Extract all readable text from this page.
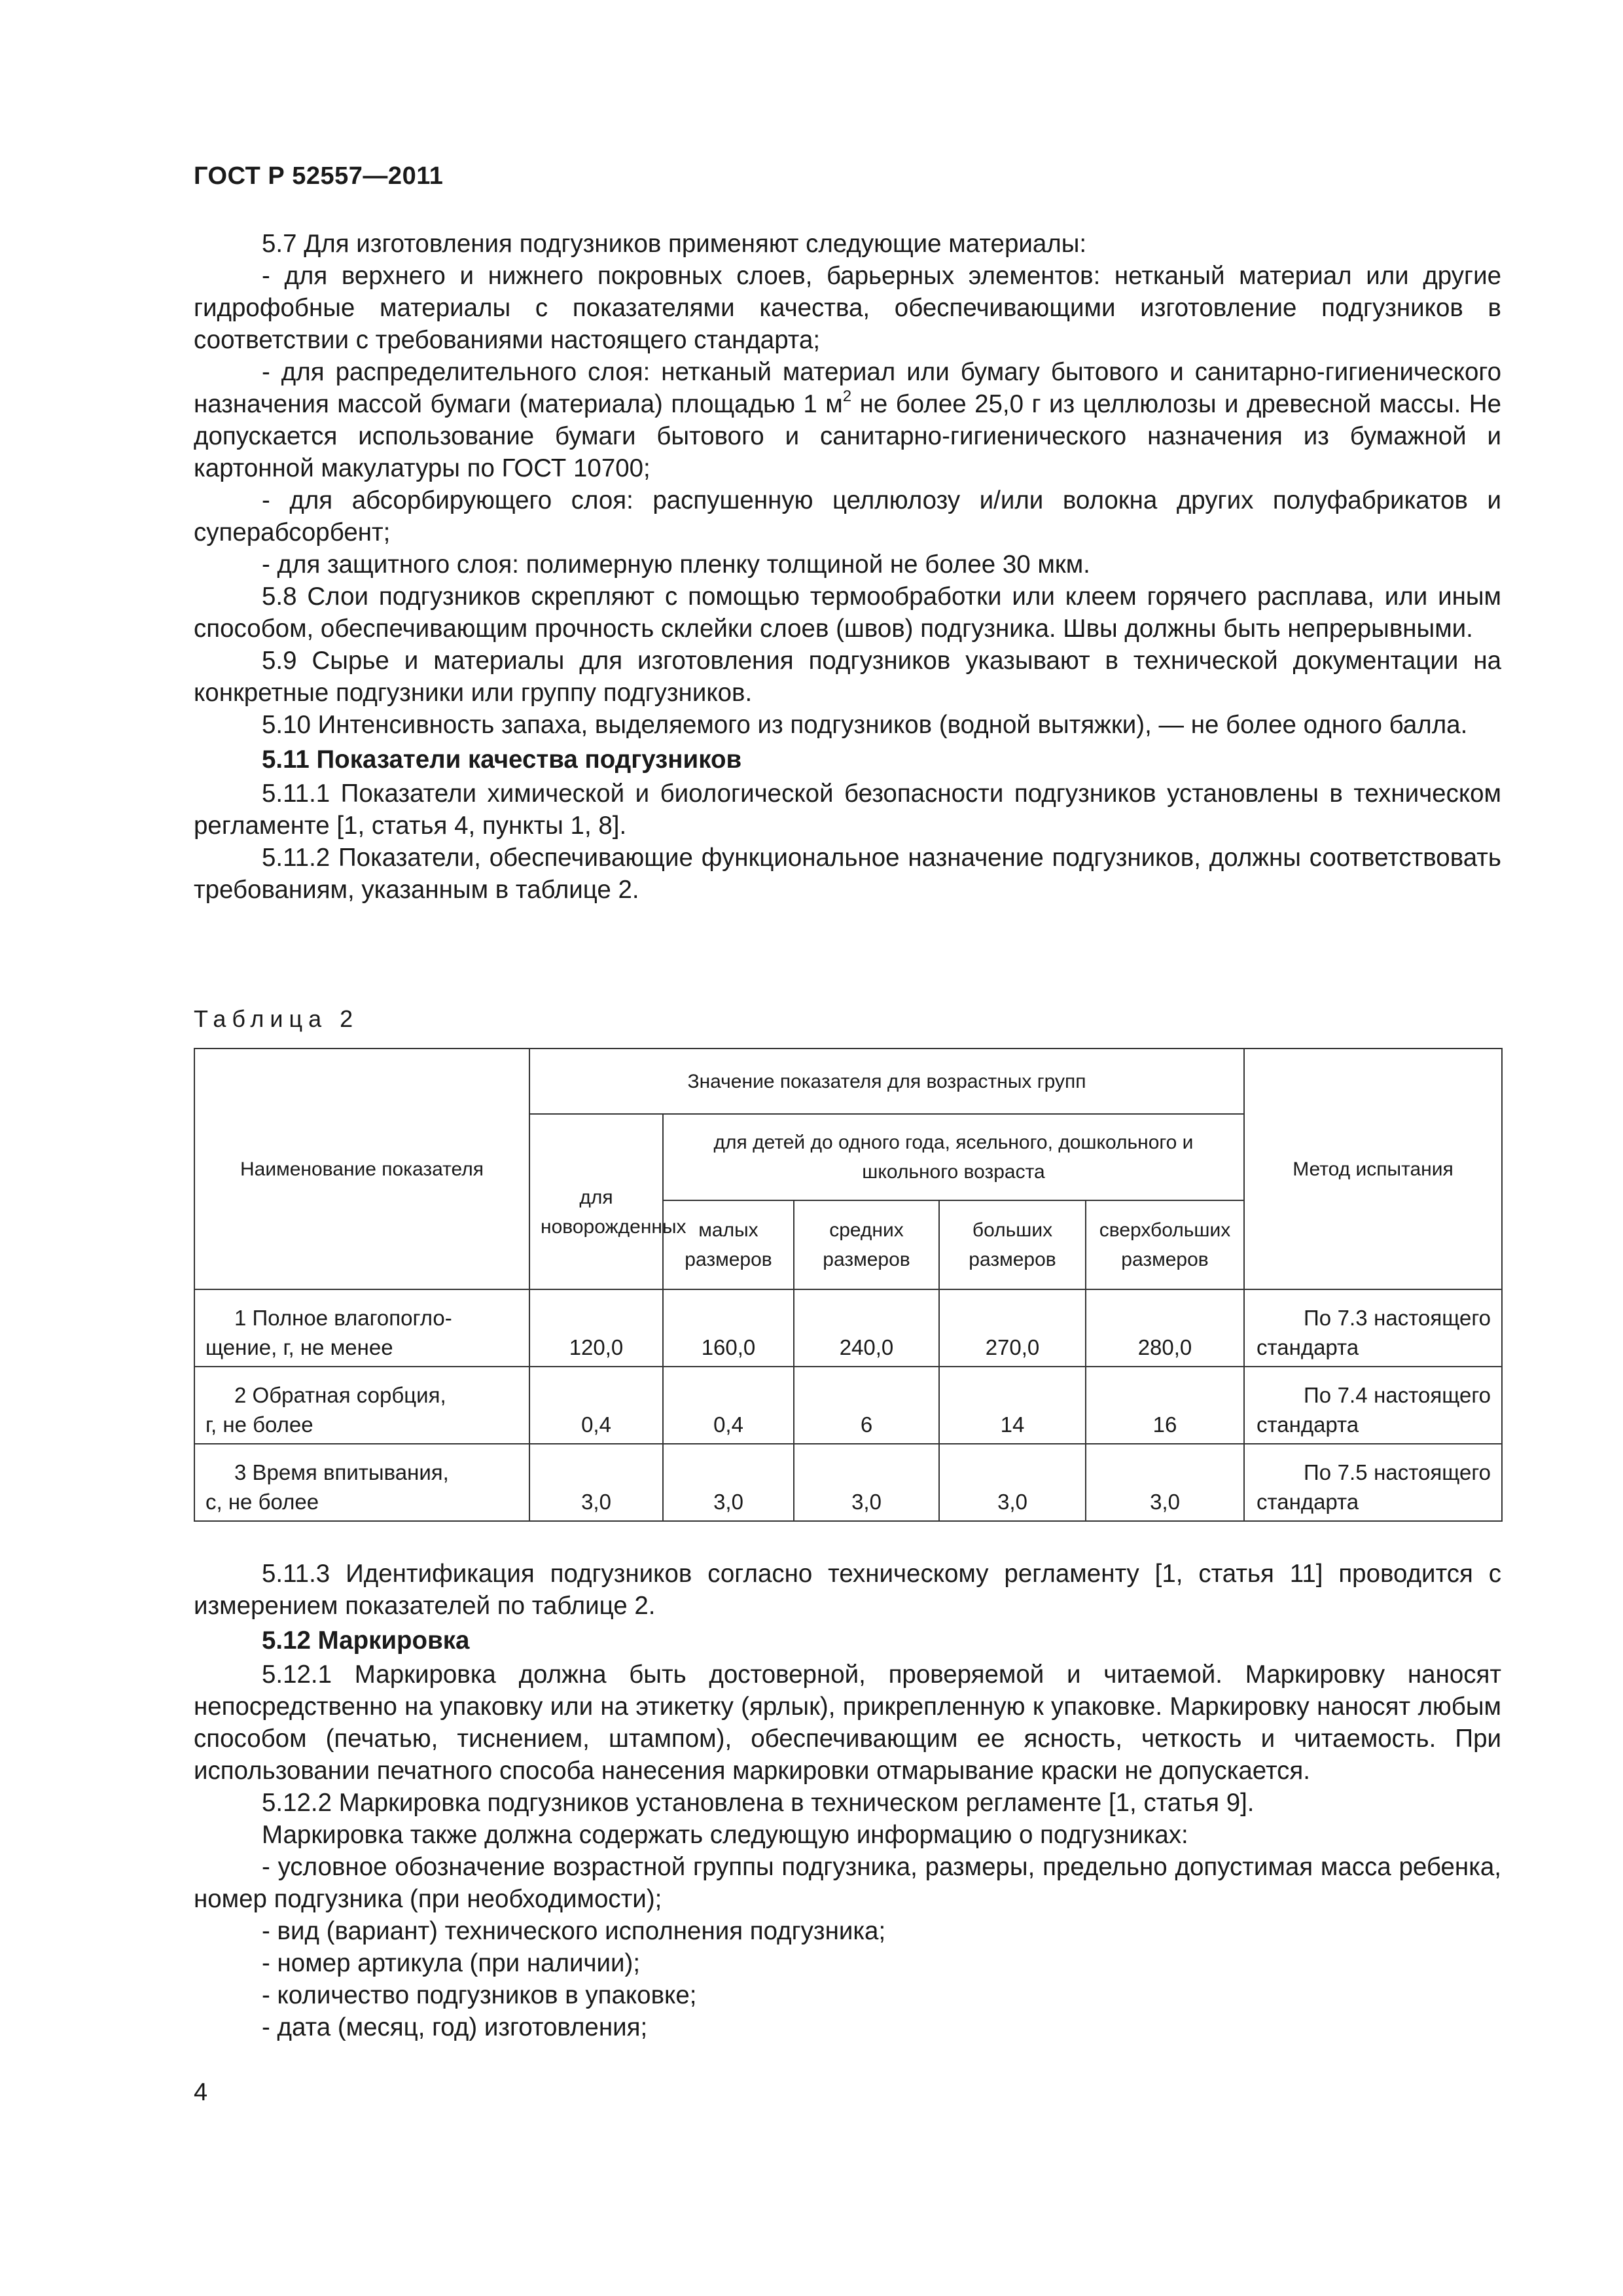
ГОСТ Р 52557—2011

5.7 Для изготовления подгузников применяют следующие материалы:

- для верхнего и нижнего покровных слоев, барьерных элементов: нетканый материал или другие гидрофобные материалы с показателями качества, обеспечивающими изготовление подгузников в соответствии с требованиями настоящего стандарта;

- для распределительного слоя: нетканый материал или бумагу бытового и санитарно-гигиенического назначения массой бумаги (материала) площадью 1 $м^2$ не более 25,0 г из целлюлозы и древесной массы. Не допускается использование бумаги бытового и санитарно-гигиенического назначения из бумажной и картонной макулатуры по ГОСТ 10700;

- для абсорбирующего слоя: распушенную целлюлозу и/или волокна других полуфабрикатов и суперабсорбент;

- для защитного слоя: полимерную пленку толщиной не более 30 мкм.

5.8 Слои подгузников скрепляют с помощью термообработки или клеем горячего расплава, или иным способом, обеспечивающим прочность склейки слоев (швов) подгузника. Швы должны быть непрерывными.

5.9 Сырье и материалы для изготовления подгузников указывают в технической документации на конкретные подгузники или группу подгузников.

5.10 Интенсивность запаха, выделяемого из подгузников (водной вытяжки), — не более одного балла.

5.11 Показатели качества подгузников

5.11.1 Показатели химической и биологической безопасности подгузников установлены в техническом регламенте [1, статья 4, пункты 1, 8].

5.11.2 Показатели, обеспечивающие функциональное назначение подгузников, должны соответствовать требованиям, указанным в таблице 2.

Таблица 2
Наименование показателя	Значение показателя для возрастных групп					Метод испытания
	для новорожденных	для детей до одного года, ясельного, дошкольного и школьного возраста				
		малых размеров	средних размеров	больших размеров	сверхбольших размеров	

1 Полное влагопогло-
щение, г, не менее	120,0	160,0	240,0	270,0	280,0	По 7.3 настоящего стандарта

2 Обратная сорбция,
г, не более	0,4	0,4	6	14	16	По 7.4 настоящего стандарта

3 Время впитывания,
с, не более	3,0	3,0	3,0	3,0	3,0	По 7.5 настоящего стандарта

5.11.3 Идентификация подгузников согласно техническому регламенту [1, статья 11] проводится с измерением показателей по таблице 2.

5.12 Маркировка

5.12.1 Маркировка должна быть достоверной, проверяемой и читаемой. Маркировку наносят непосредственно на упаковку или на этикетку (ярлык), прикрепленную к упаковке. Маркировку наносят любым способом (печатью, тиснением, штампом), обеспечивающим ее ясность, четкость и читаемость. При использовании печатного способа нанесения маркировки отмарывание краски не допускается.

5.12.2 Маркировка подгузников установлена в техническом регламенте [1, статья 9].

Маркировка также должна содержать следующую информацию о подгузниках:

- условное обозначение возрастной группы подгузника, размеры, предельно допустимая масса ребенка, номер подгузника (при необходимости);

- вид (вариант) технического исполнения подгузника;

- номер артикула (при наличии);

- количество подгузников в упаковке;

- дата (месяц, год) изготовления;

4
